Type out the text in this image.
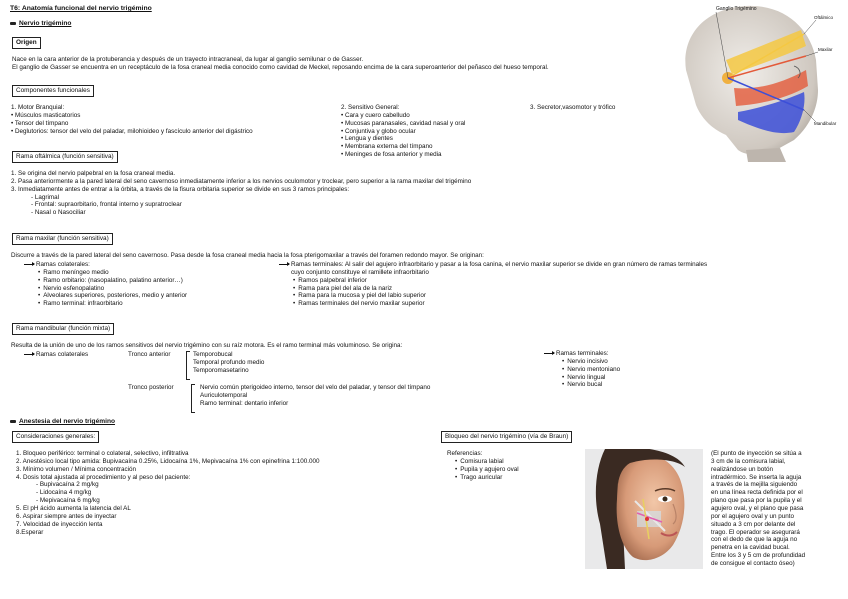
T6: Anatomía funcional del nervio trigémino
Nervio trigémino
Origen
Nace en la cara anterior de la protuberancia y después de un trayecto intracraneal, da lugar al ganglio semilunar o de Gasser.
El ganglio de Gasser se encuentra en un receptáculo de la fosa craneal media conocido como cavidad de Meckel, reposando encima de la cara superoanterior del peñasco del hueso temporal.
Componentes funcionales
1. Motor Branquial:
• Músculos masticatorios
• Tensor del tímpano
• Deglutorios: tensor del velo del paladar, milohioideo y fascículo anterior del digástrico
2. Sensitivo General:
• Cara y cuero cabelludo
• Mucosas paranasales, cavidad nasal y oral
• Conjuntiva y globo ocular
• Lengua y dientes
• Membrana externa del tímpano
• Meninges de fosa anterior y media
3. Secretor,vasomotor y trófico
Rama oftálmica (función sensitiva)
1. Se origina del nervio palpebral en la fosa craneal media.
2. Pasa anteriormente a la pared lateral del seno cavernoso inmediatamente inferior a los nervios oculomotor y troclear, pero superior a la rama maxilar del trigémino
3. Inmediatamente antes de entrar a la órbita, a través de la fisura orbitaria superior se divide en sus 3 ramos principales:
- Lagrimal
- Frontal: supraorbitario, frontal interno y supratroclear
- Nasal o Nasociliar
Rama maxilar (función sensitiva)
Discurre a través de la pared lateral del seno cavernoso. Pasa desde la fosa craneal media hacia la fosa pterigomaxilar a través del foramen redondo mayor. Se originan:
Ramas colaterales:
• Ramo meníngeo medio
• Ramo orbitario: (nasopalatino, palatino anterior…)
• Nervio esfenopalatino
• Alveolares superiores, posteriores, medio y anterior
• Ramo terminal: infraorbitario
Ramas terminales: Al salir del agujero infraorbitario y pasar a la fosa canina, el nervio maxilar superior se divide en gran número de ramas terminales
cuyo conjunto constituye el ramillete infraorbitario
• Ramos palpebral inferior
• Rama para piel del ala de la nariz
• Rama para la mucosa y piel del labio superior
• Ramas terminales del nervio maxilar superior
Rama mandibular (función mixta)
Resulta de la unión de uno de los ramos sensitivos del nervio trigémino con su raíz motora. Es el ramo terminal más voluminoso. Se origina:
Ramas colaterales	Tronco anterior	Temporobucal
Temporal profundo medio
Temporomasetarino
Tronco posterior	Nervio común pterigoideo interno, tensor del velo del paladar, y tensor del tímpano
Auriculotemporal
Ramo terminal: dentario inferior
Ramas terminales:
• Nervio incisivo
• Nervio mentoniano
• Nervio lingual
• Nervio bucal
Anestesia del nervio trigémino
Consideraciones generales:
1. Bloqueo periférico: terminal o colateral, selectivo, infiltrativa
2. Anestésico local tipo amida: Bupivacaína 0.25%, Lidocaína 1%, Mepivacaína 1% con epinefrina 1:100.000
3. Mínimo volumen / Mínima concentración
4. Dosis total ajustada al procedimiento y al peso del paciente:
- Bupivacaína 2 mg/kg
- Lidocaína 4 mg/kg
- Mepivacaína 6 mg/kg
5. El pH ácido aumenta la latencia del AL
6. Aspirar siempre antes de inyectar
7. Velocidad de inyección lenta
8.Esperar
Bloqueo del nervio trigémino (vía de Braun)
Referencias:
• Comisura labial
• Pupila y agujero oval
• Trago auricular
(El punto de inyección se sitúa a
3 cm de la comisura labial,
realizándose un botón
intradérmico. Se inserta la aguja
a través de la mejilla siguiendo
en una línea recta definida por el
plano que pasa por la pupila y el
agujero oval, y el plano que pasa
por el agujero oval y un punto
situado a 3 cm por delante del
trago. El operador se asegurará
con el dedo de que la aguja no
penetra en la cavidad bucal.
Entre los 3 y 5 cm de profundidad
de consigue el contacto óseo)
Ganglio Trigémino
Oftálmico
Maxilar
Mandibular
